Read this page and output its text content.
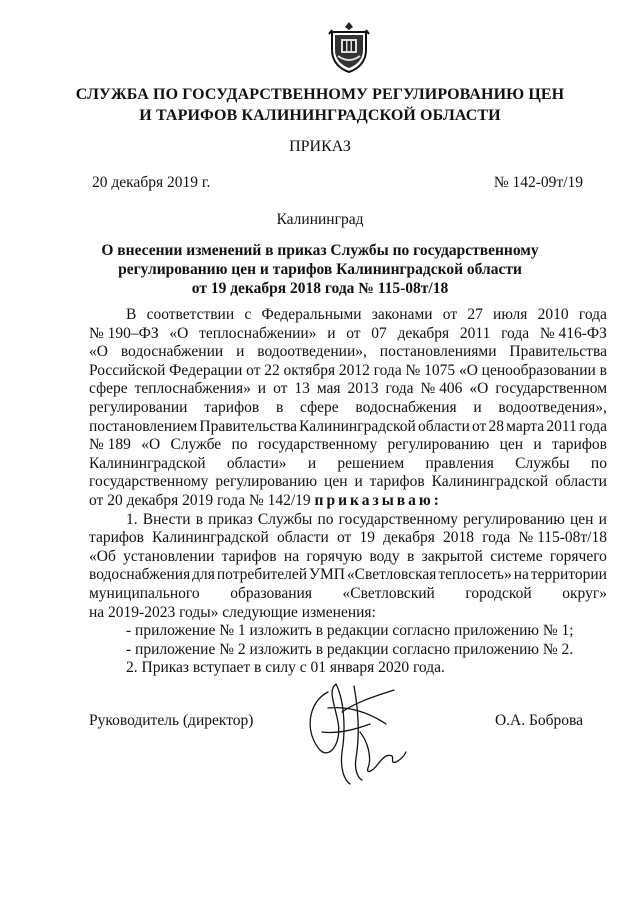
СЛУЖБА ПО ГОСУДАРСТВЕННОМУ РЕГУЛИРОВАНИЮ ЦЕН
И ТАРИФОВ КАЛИНИНГРАДСКОЙ ОБЛАСТИ
ПРИКАЗ
20 декабря 2019 г.	№ 142-09т/19
Калининград
О внесении изменений в приказ Службы по государственному
регулированию цен и тарифов Калининградской области
от 19 декабря 2018 года № 115-08т/18
В соответствии с Федеральными законами от 27 июля 2010 года
№ 190–ФЗ «О теплоснабжении» и от 07 декабря 2011 года № 416-ФЗ
«О водоснабжении и водоотведении», постановлениями Правительства
Российской Федерации от 22 октября 2012 года № 1075 «О ценообразовании в
сфере теплоснабжения» и от 13 мая 2013 года № 406 «О государственном
регулировании тарифов в сфере водоснабжения и водоотведения»,
постановлением Правительства Калининградской области от 28 марта 2011 года
№ 189 «О Службе по государственному регулированию цен и тарифов
Калининградской области» и решением правления Службы по
государственному регулированию цен и тарифов Калининградской области
от 20 декабря 2019 года № 142/19
приказываю:
1. Внести в приказ Службы по государственному регулированию цен и
тарифов Калининградской области от 19 декабря 2018 года № 115-08т/18
«Об установлении тарифов на горячую воду в закрытой системе горячего
водоснабжения для потребителей УМП «Светловская теплосеть» на территории
муниципального образования «Светловский городской округ»
на 2019-2023 годы» следующие изменения:
- приложение № 1 изложить в редакции согласно приложению № 1;
- приложение № 2 изложить в редакции согласно приложению № 2.
2. Приказ вступает в силу с 01 января 2020 года.
Руководитель (директор)	О.А. Боброва
